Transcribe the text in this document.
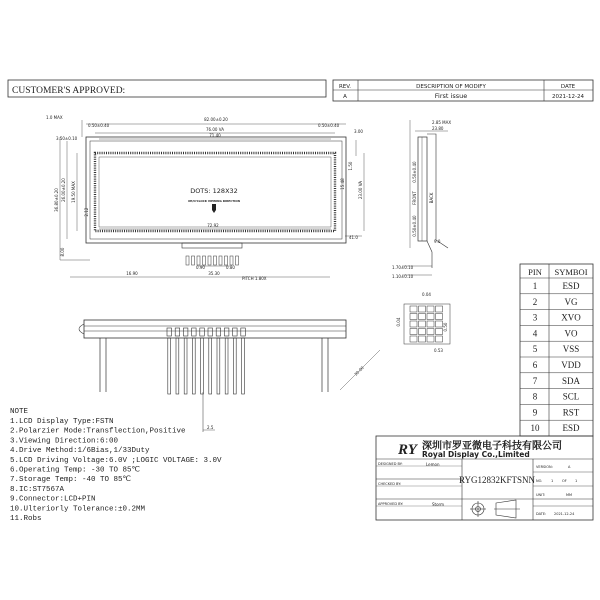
CUSTOMER'S APPROVED:	REV.	DESCRIPTION OF MODIFY	DATE
A	First issue	2021-12-24
1.0 MAX
0.50±0.40
82.00±0.20
0.50±0.40
76.00 VA	3.00
3.50±0.10
71.40
36.80±0.20 26.00±0.20 19.50 MAX
2.12
15.48
1.50
23.00 VA
72.92
8.00
0.90	0.80
16.90	35.30
PITCH 1.80X
DOTS: 128X32
6H/O'CLOCK VIEWING DIRECTION
41.0
2.85 MAX
23.80
0.50±0.40
FRONT	BACK
0.50±0.40
1.70±0.10
1.10±0.10
9.0
0.04
0.04
0.50
0.53
PIN SYMBOI
1	ESD
2	VG
3	XVO
4	VO
5	VSS
6	VDD
7	SDA
8	SCL
9	RST
10	ESD
30.00
2.5
NOTE
1.LCD Display Type:FSTN
2.Polarzier Mode:Transflection,Positive
3.Viewing Direction:6:00
4.Drive Method:1/6Bias,1/33Duty
5.LCD Driving Voltage:6.0V ;LOGIC VOLTAGE: 3.0V
6.Operating Temp: -30 TO 85℃
7.Storage Temp: -40 TO 85℃
8.IC:ST7567A
9.Connector:LCD+PIN
10.Ulteriorly Tolerance:±0.2MM
11.Robs
RY 深圳市罗亚微电子科技有限公司
Royal Display Co.,Limited
DESIGNED BY:	Lemon
CHECKED BY:
APPROVED BY:	Storm
RYG12832KFTSNN
VERSION:	A
NO. 1	OF 1
UNIT:	MM
DATE: 2021-12-24
